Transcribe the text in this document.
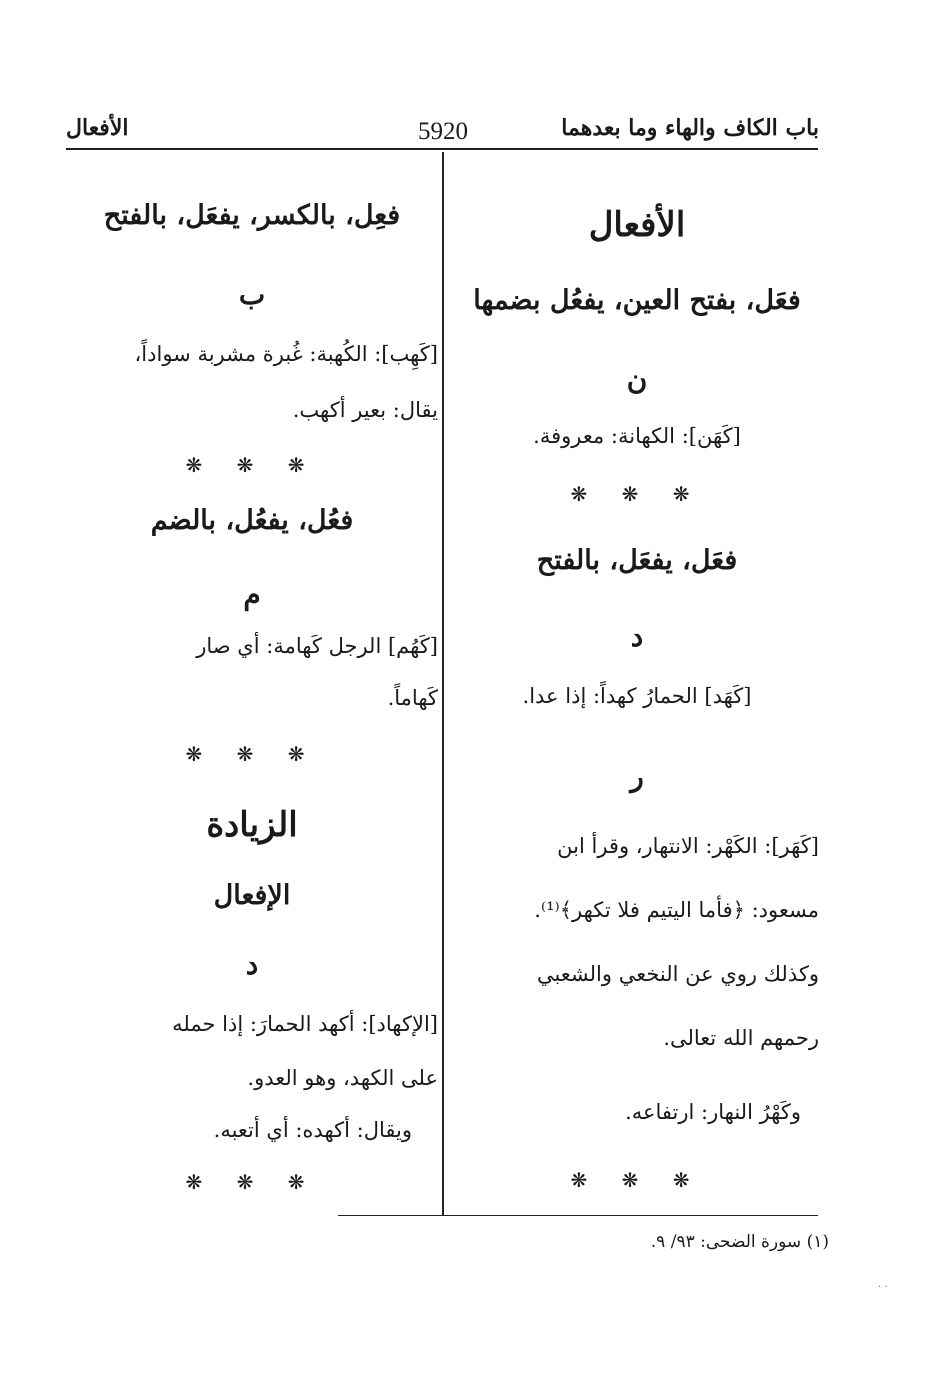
باب الكاف والهاء وما بعدهما
5920
الأفعال
الأفعال
فعَل، بفتح العين، يفعُل بضمها
ن
[كَهَن]: الكهانة: معروفة.
❋ ❋ ❋
فعَل، يفعَل، بالفتح
د
[كَهَد] الحمارُ كهداً: إذا عدا.
ر
[كَهَر]: الكَهْر: الانتهار، وقرأ ابن
مسعود: ﴿فأما اليتيم فلا تكهر﴾⁽¹⁾.
وكذلك روي عن النخعي والشعبي
رحمهم الله تعالى.
وكَهْرُ النهار: ارتفاعه.
❋ ❋ ❋
فعِل، بالكسر، يفعَل، بالفتح
ب
[كَهِب]: الكُهبة: غُبرة مشربة سواداً،
يقال: بعير أكهب.
❋ ❋ ❋
فعُل، يفعُل، بالضم
م
[كَهُم] الرجل كَهامة: أي صار
كَهاماً.
❋ ❋ ❋
الزيادة
الإفعال
د
[الإكهاد]: أكهد الحمارَ: إذا حمله
على الكهد، وهو العدو.
ويقال: أكهده: أي أتعبه.
❋ ❋ ❋
(١) سورة الضحى: ٩٣/ ٩.
· ·
